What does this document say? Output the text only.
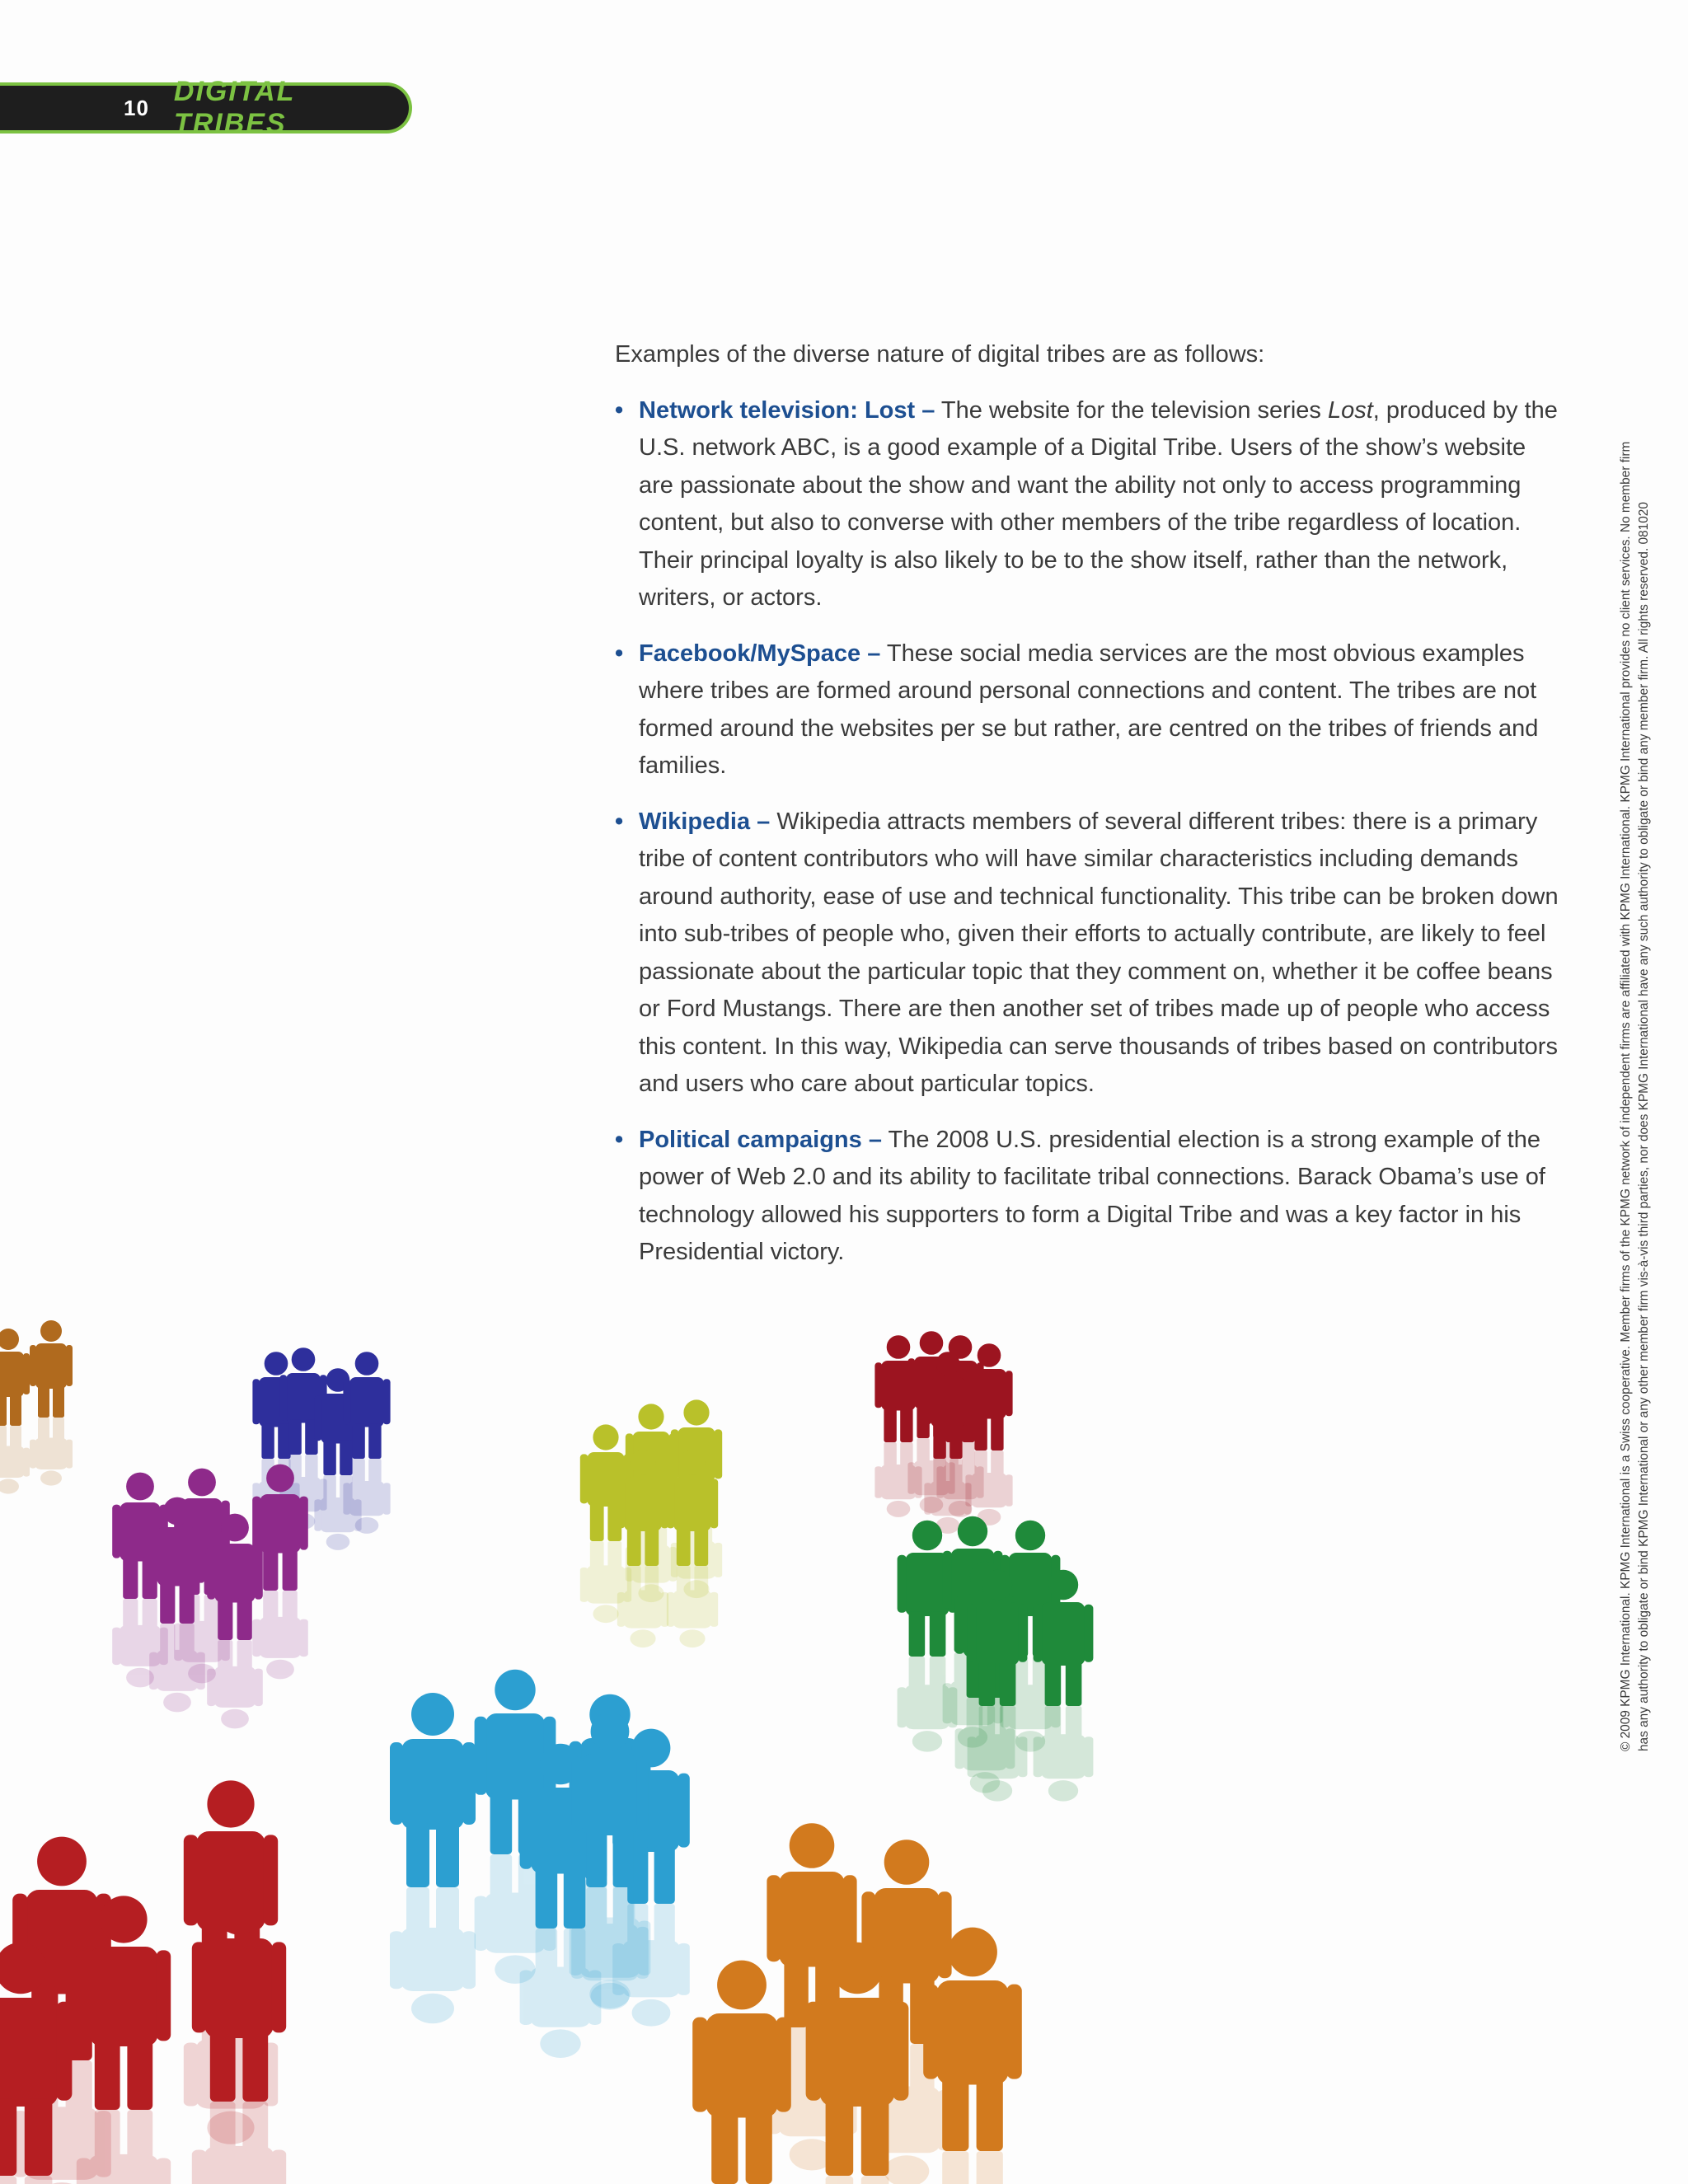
10
DIGITAL TRIBES

Examples of the diverse nature of digital tribes are as follows:

• Network television: Lost – The website for the television series Lost, produced by the U.S. network ABC, is a good example of a Digital Tribe. Users of the show’s website are passionate about the show and want the ability not only to access programming content, but also to converse with other members of the tribe regardless of location. Their principal loyalty is also likely to be to the show itself, rather than the network, writers, or actors.
• Facebook/MySpace – These social media services are the most obvious examples where tribes are formed around personal connections and content. The tribes are not formed around the websites per se but rather, are centred on the tribes of friends and families.
• Wikipedia – Wikipedia attracts members of several different tribes: there is a primary tribe of content contributors who will have similar characteristics including demands around authority, ease of use and technical functionality. This tribe can be broken down into sub-tribes of people who, given their efforts to actually contribute, are likely to feel passionate about the particular topic that they comment on, whether it be coffee beans or Ford Mustangs. There are then another set of tribes made up of people who access this content. In this way, Wikipedia can serve thousands of tribes based on contributors and users who care about particular topics.
• Political campaigns – The 2008 U.S. presidential election is a strong example of the power of Web 2.0 and its ability to facilitate tribal connections. Barack Obama’s use of technology allowed his supporters to form a Digital Tribe and was a key factor in his Presidential victory.	© 2009 KPMG International. KPMG International is a Swiss cooperative. Member firms of the KPMG network of independent firms are affiliated with KPMG International. KPMG International provides no client services. No member firm has any authority to obligate or bind KPMG International or any other member firm vis-à-vis third parties, nor does KPMG International have any such authority to obligate or bind any member firm. All rights reserved. 081020
